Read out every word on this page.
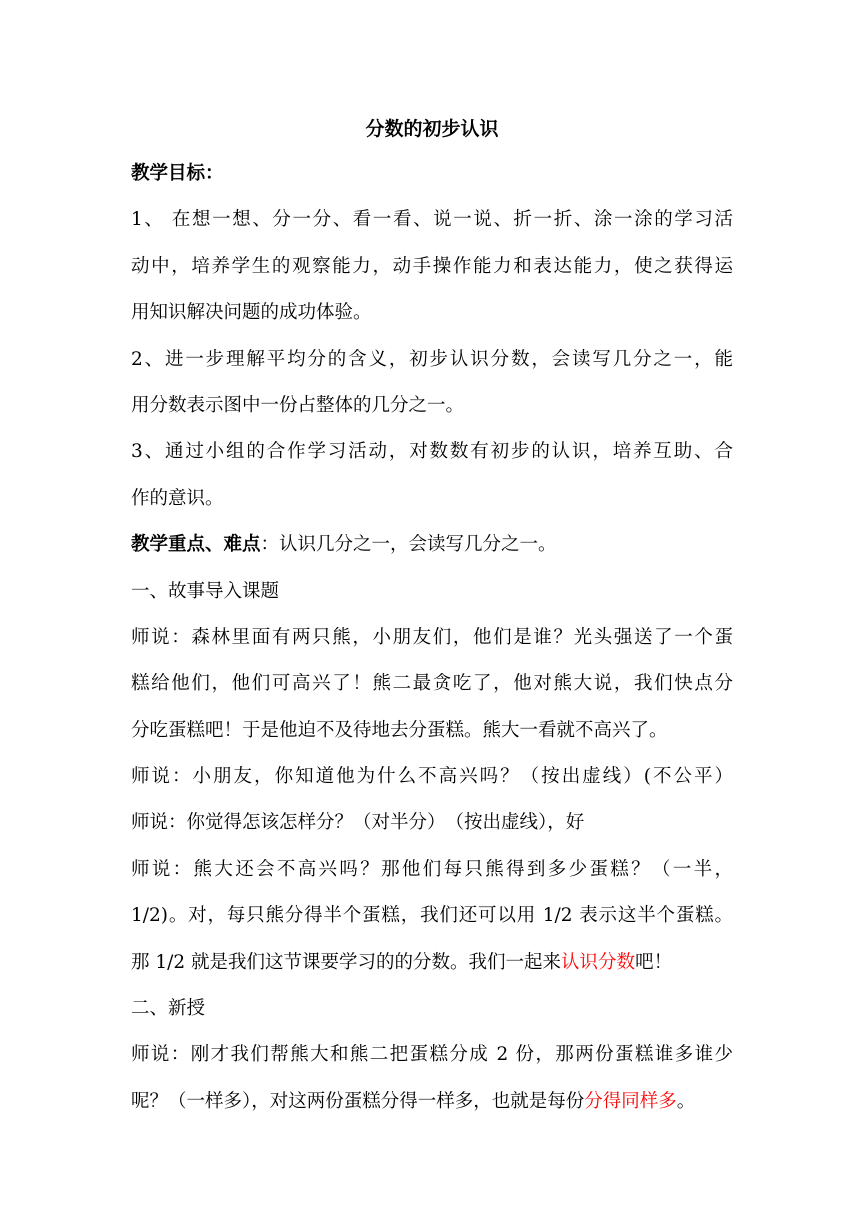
分数的初步认识

教学目标：

1、 在想一想、分一分、看一看、说一说、折一折、涂一涂的学习活

动中，培养学生的观察能力，动手操作能力和表达能力，使之获得运

用知识解决问题的成功体验。

2、进一步理解平均分的含义，初步认识分数，会读写几分之一，能

用分数表示图中一份占整体的几分之一。

3、通过小组的合作学习活动，对数数有初步的认识，培养互助、合

作的意识。

教学重点、难点：认识几分之一，会读写几分之一。

一、故事导入课题

师说：森林里面有两只熊，小朋友们，他们是谁？光头强送了一个蛋

糕给他们，他们可高兴了！熊二最贪吃了，他对熊大说，我们快点分

分吃蛋糕吧！于是他迫不及待地去分蛋糕。熊大一看就不高兴了。

师说：小朋友，你知道他为什么不高兴吗？（按出虚线）(不公平）

师说：你觉得怎该怎样分？（对半分）　（按出虚线），好

师说：熊大还会不高兴吗？那他们每只熊得到多少蛋糕？（一半，

1/2)。对，每只熊分得半个蛋糕，我们还可以用 1/2 表示这半个蛋糕。

那 1/2 就是我们这节课要学习的的分数。我们一起来认识分数吧！

二、新授

师说：刚才我们帮熊大和熊二把蛋糕分成 2 份，那两份蛋糕谁多谁少

呢？（一样多），对这两份蛋糕分得一样多，也就是每份分得同样多。
